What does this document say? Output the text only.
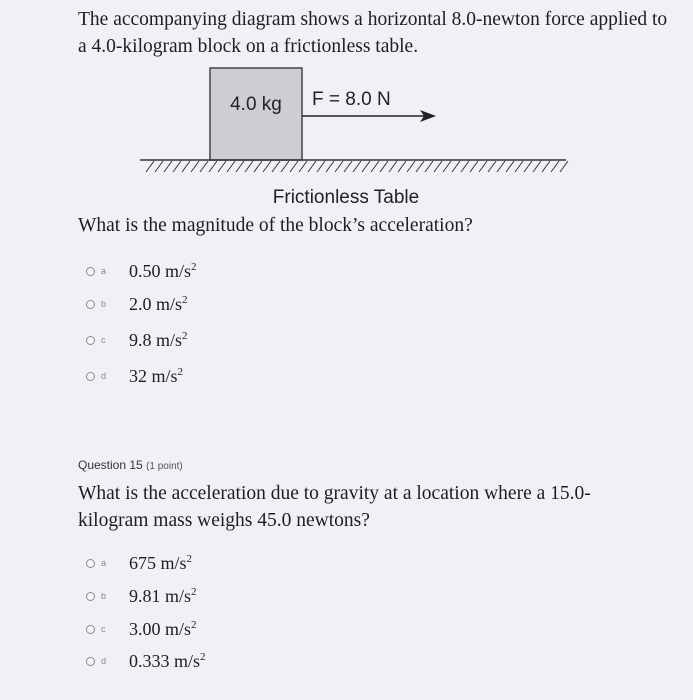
The accompanying diagram shows a horizontal 8.0-newton force applied to a 4.0-kilogram block on a frictionless table.
4.0 kg F = 8.0 N
Frictionless Table
What is the magnitude of the block’s acceleration?
a	0.50 $m/s^2$
b	2.0 $m/s^2$
c	9.8 $m/s^2$
d	32 $m/s^2$
Question 15 (1 point)
What is the acceleration due to gravity at a location where a 15.0-kilogram mass weighs 45.0 newtons?
a	675 $m/s^2$
b	9.81 $m/s^2$
c	3.00 $m/s^2$
d	0.333 $m/s^2$
